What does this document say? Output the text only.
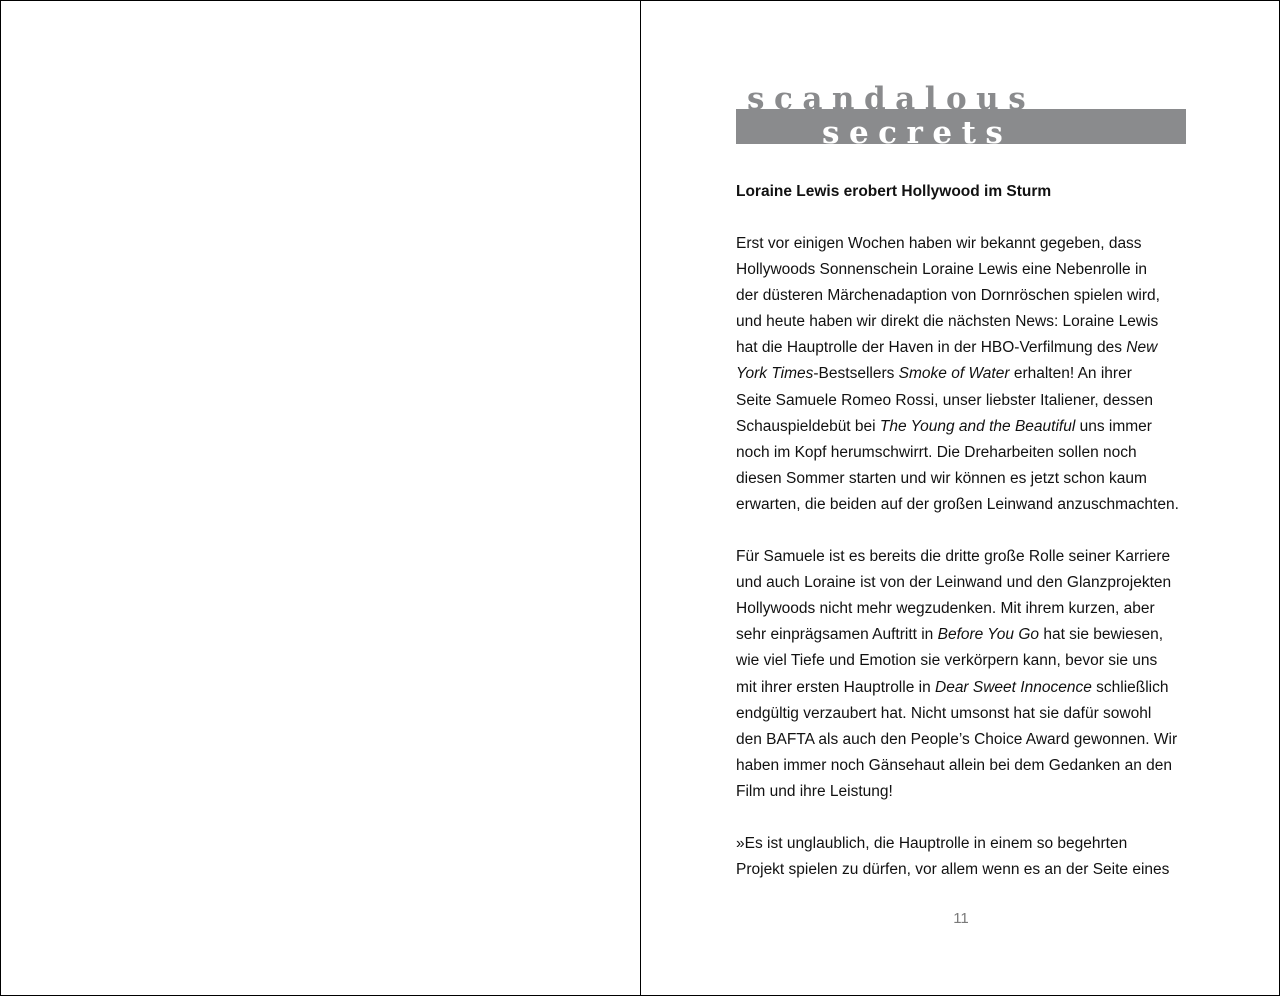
scandalous
secrets
Loraine Lewis erobert Hollywood im Sturm
Erst vor einigen Wochen haben wir bekannt gegeben, dass
Hollywoods Sonnenschein Loraine Lewis eine Nebenrolle in
der düsteren Märchenadaption von Dornröschen spielen wird,
und heute haben wir direkt die nächsten News: Loraine Lewis
hat die Hauptrolle der Haven in der HBO-Verfilmung des New
York Times-Bestsellers Smoke of Water erhalten! An ihrer
Seite Samuele Romeo Rossi, unser liebster Italiener, dessen
Schauspieldebüt bei The Young and the Beautiful uns immer
noch im Kopf herumschwirrt. Die Dreharbeiten sollen noch
diesen Sommer starten und wir können es jetzt schon kaum
erwarten, die beiden auf der großen Leinwand anzuschmachten.
Für Samuele ist es bereits die dritte große Rolle seiner Karriere
und auch Loraine ist von der Leinwand und den Glanzprojekten
Hollywoods nicht mehr wegzudenken. Mit ihrem kurzen, aber
sehr einprägsamen Auftritt in Before You Go hat sie bewiesen,
wie viel Tiefe und Emotion sie verkörpern kann, bevor sie uns
mit ihrer ersten Hauptrolle in Dear Sweet Innocence schließlich
endgültig verzaubert hat. Nicht umsonst hat sie dafür sowohl
den BAFTA als auch den People’s Choice Award gewonnen. Wir
haben immer noch Gänsehaut allein bei dem Gedanken an den
Film und ihre Leistung!
»Es ist unglaublich, die Hauptrolle in einem so begehrten
Projekt spielen zu dürfen, vor allem wenn es an der Seite eines
11
